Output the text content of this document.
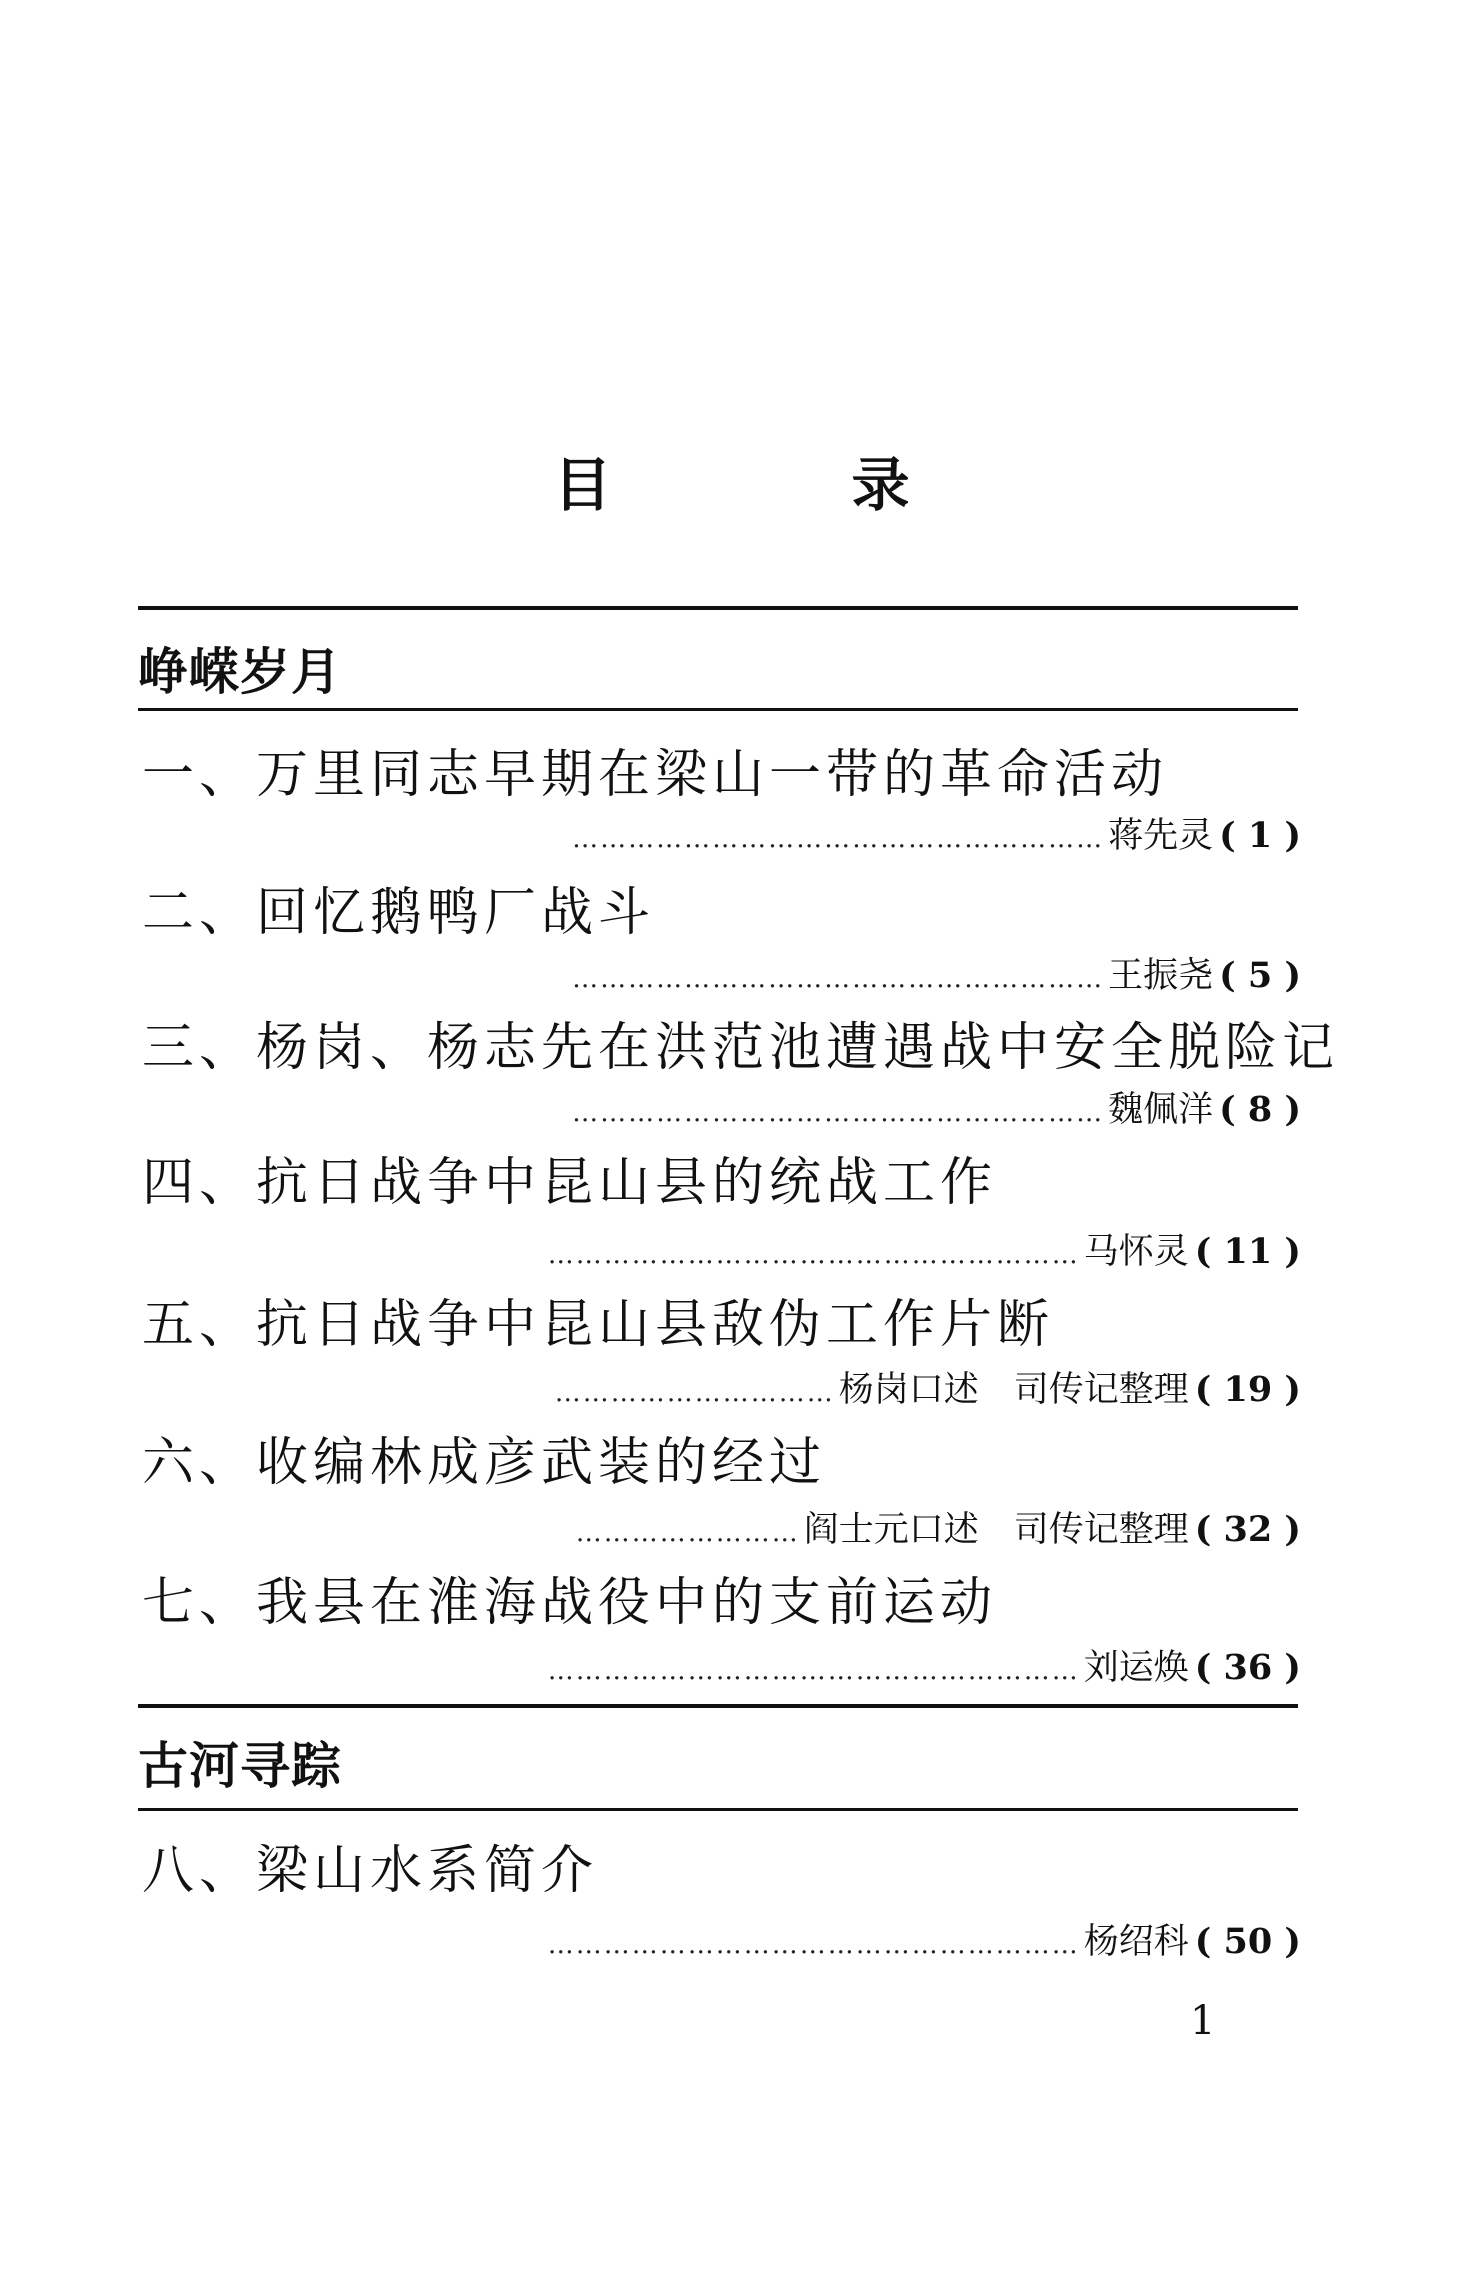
目	录
峥嵘岁月
一、万里同志早期在梁山一带的革命活动
………………………………………………… 蒋先灵 ( 1 )
二、回忆鹅鸭厂战斗
………………………………………………… 王振尧 ( 5 )
三、杨岗、杨志先在洪范池遭遇战中安全脱险记
………………………………………………… 魏佩洋 ( 8 )
四、抗日战争中昆山县的统战工作
………………………………………………… 马怀灵 ( 11 )
五、抗日战争中昆山县敌伪工作片断
………………………… 杨岗口述　司传记整理 ( 19 )
六、收编林成彦武装的经过
…………………… 阎士元口述　司传记整理 ( 32 )
七、我县在淮海战役中的支前运动
………………………………………………… 刘运焕 ( 36 )
古河寻踪
八、梁山水系简介
………………………………………………… 杨绍科 ( 50 )
1
